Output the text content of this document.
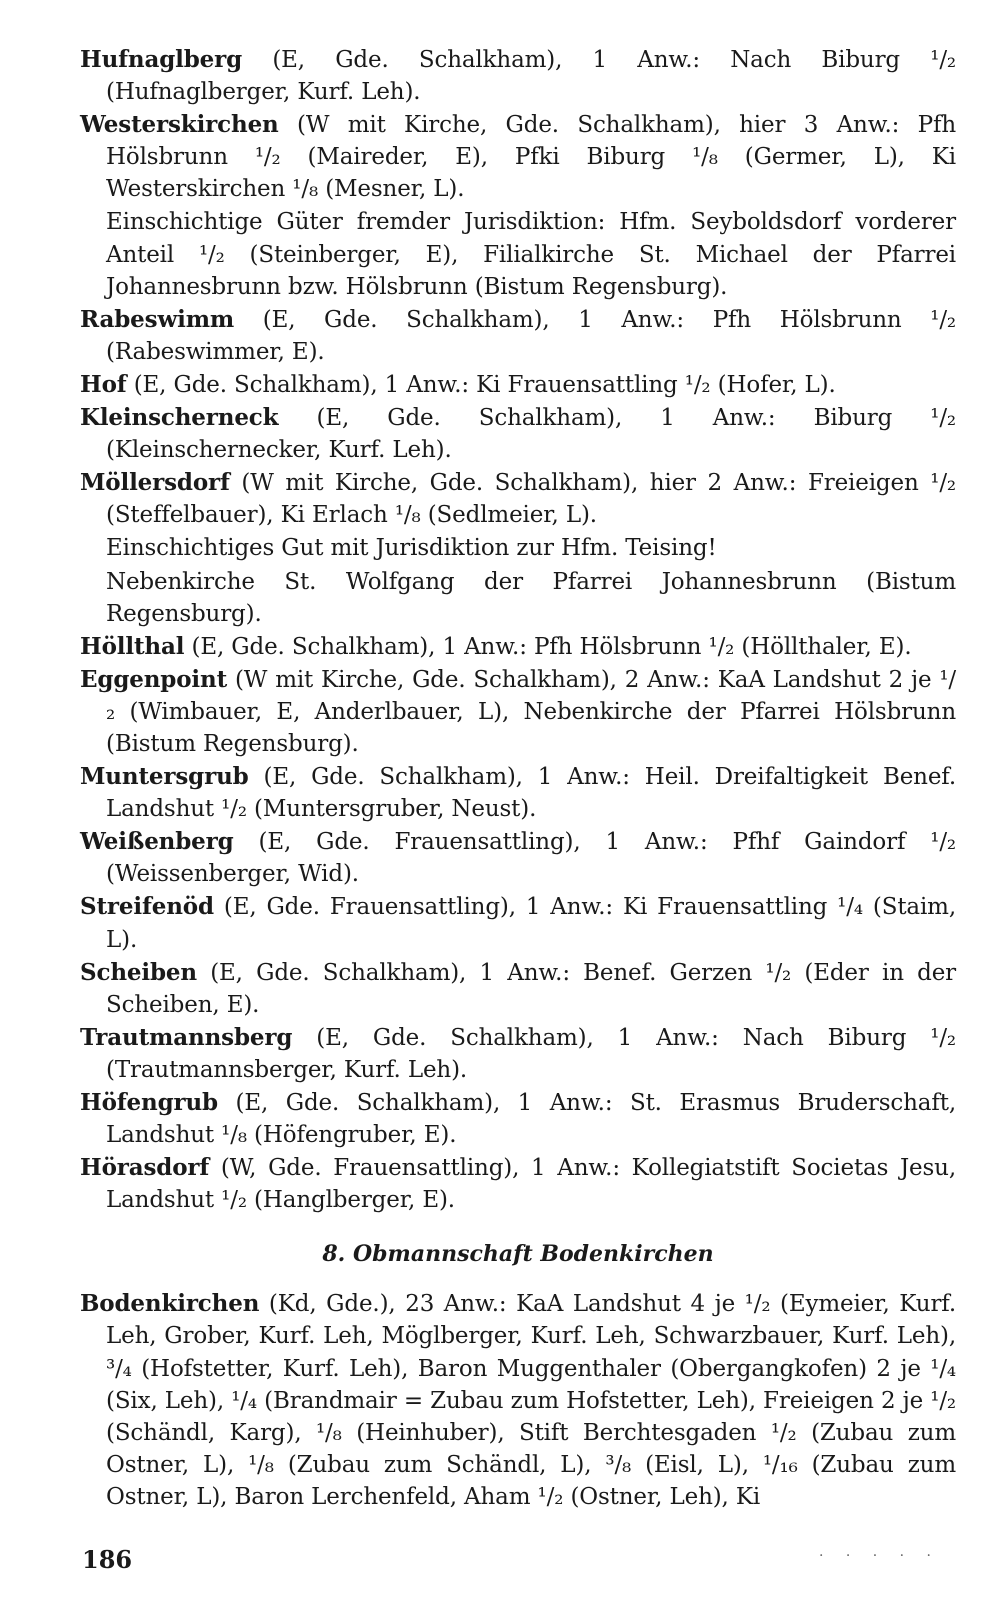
Hufnaglberg (E, Gde. Schalkham), 1 Anw.: Nach Biburg ¹/₂ (Hufnaglberger, Kurf. Leh).

Westerskirchen (W mit Kirche, Gde. Schalkham), hier 3 Anw.: Pfh Hölsbrunn ¹/₂ (Maireder, E), Pfki Biburg ¹/₈ (Germer, L), Ki Westerskirchen ¹/₈ (Mesner, L).

Einschichtige Güter fremder Jurisdiktion: Hfm. Seyboldsdorf vorderer Anteil ¹/₂ (Steinberger, E), Filialkirche St. Michael der Pfarrei Johannesbrunn bzw. Hölsbrunn (Bistum Regensburg).

Rabeswimm (E, Gde. Schalkham), 1 Anw.: Pfh Hölsbrunn ¹/₂ (Rabeswimmer, E).

Hof (E, Gde. Schalkham), 1 Anw.: Ki Frauensattling ¹/₂ (Hofer, L).

Kleinscherneck (E, Gde. Schalkham), 1 Anw.: Biburg ¹/₂ (Kleinschernecker, Kurf. Leh).

Möllersdorf (W mit Kirche, Gde. Schalkham), hier 2 Anw.: Freieigen ¹/₂ (Steffelbauer), Ki Erlach ¹/₈ (Sedlmeier, L).

Einschichtiges Gut mit Jurisdiktion zur Hfm. Teising!

Nebenkirche St. Wolfgang der Pfarrei Johannesbrunn (Bistum Regensburg).

Höllthal (E, Gde. Schalkham), 1 Anw.: Pfh Hölsbrunn ¹/₂ (Höllthaler, E).

Eggenpoint (W mit Kirche, Gde. Schalkham), 2 Anw.: KaA Landshut 2 je ¹/₂ (Wimbauer, E, Anderlbauer, L), Nebenkirche der Pfarrei Hölsbrunn (Bistum Regensburg).

Muntersgrub (E, Gde. Schalkham), 1 Anw.: Heil. Dreifaltigkeit Benef. Landshut ¹/₂ (Muntersgruber, Neust).

Weißenberg (E, Gde. Frauensattling), 1 Anw.: Pfhf Gaindorf ¹/₂ (Weissenberger, Wid).

Streifenöd (E, Gde. Frauensattling), 1 Anw.: Ki Frauensattling ¹/₄ (Staim, L).

Scheiben (E, Gde. Schalkham), 1 Anw.: Benef. Gerzen ¹/₂ (Eder in der Scheiben, E).

Trautmannsberg (E, Gde. Schalkham), 1 Anw.: Nach Biburg ¹/₂ (Trautmannsberger, Kurf. Leh).

Höfengrub (E, Gde. Schalkham), 1 Anw.: St. Erasmus Bruderschaft, Landshut ¹/₈ (Höfengruber, E).

Hörasdorf (W, Gde. Frauensattling), 1 Anw.: Kollegiatstift Societas Jesu, Landshut ¹/₂ (Hanglberger, E).

8. Obmannschaft Bodenkirchen

Bodenkirchen (Kd, Gde.), 23 Anw.: KaA Landshut 4 je ¹/₂ (Eymeier, Kurf. Leh, Grober, Kurf. Leh, Möglberger, Kurf. Leh, Schwarzbauer, Kurf. Leh), ³/₄ (Hofstetter, Kurf. Leh), Baron Muggenthaler (Obergangkofen) 2 je ¹/₄ (Six, Leh), ¹/₄ (Brandmair = Zubau zum Hofstetter, Leh), Freieigen 2 je ¹/₂ (Schändl, Karg), ¹/₈ (Heinhuber), Stift Berchtesgaden ¹/₂ (Zubau zum Ostner, L), ¹/₈ (Zubau zum Schändl, L), ³/₈ (Eisl, L), ¹/₁₆ (Zubau zum Ostner, L), Baron Lerchenfeld, Aham ¹/₂ (Ostner, Leh), Ki

186	· · · · ·
